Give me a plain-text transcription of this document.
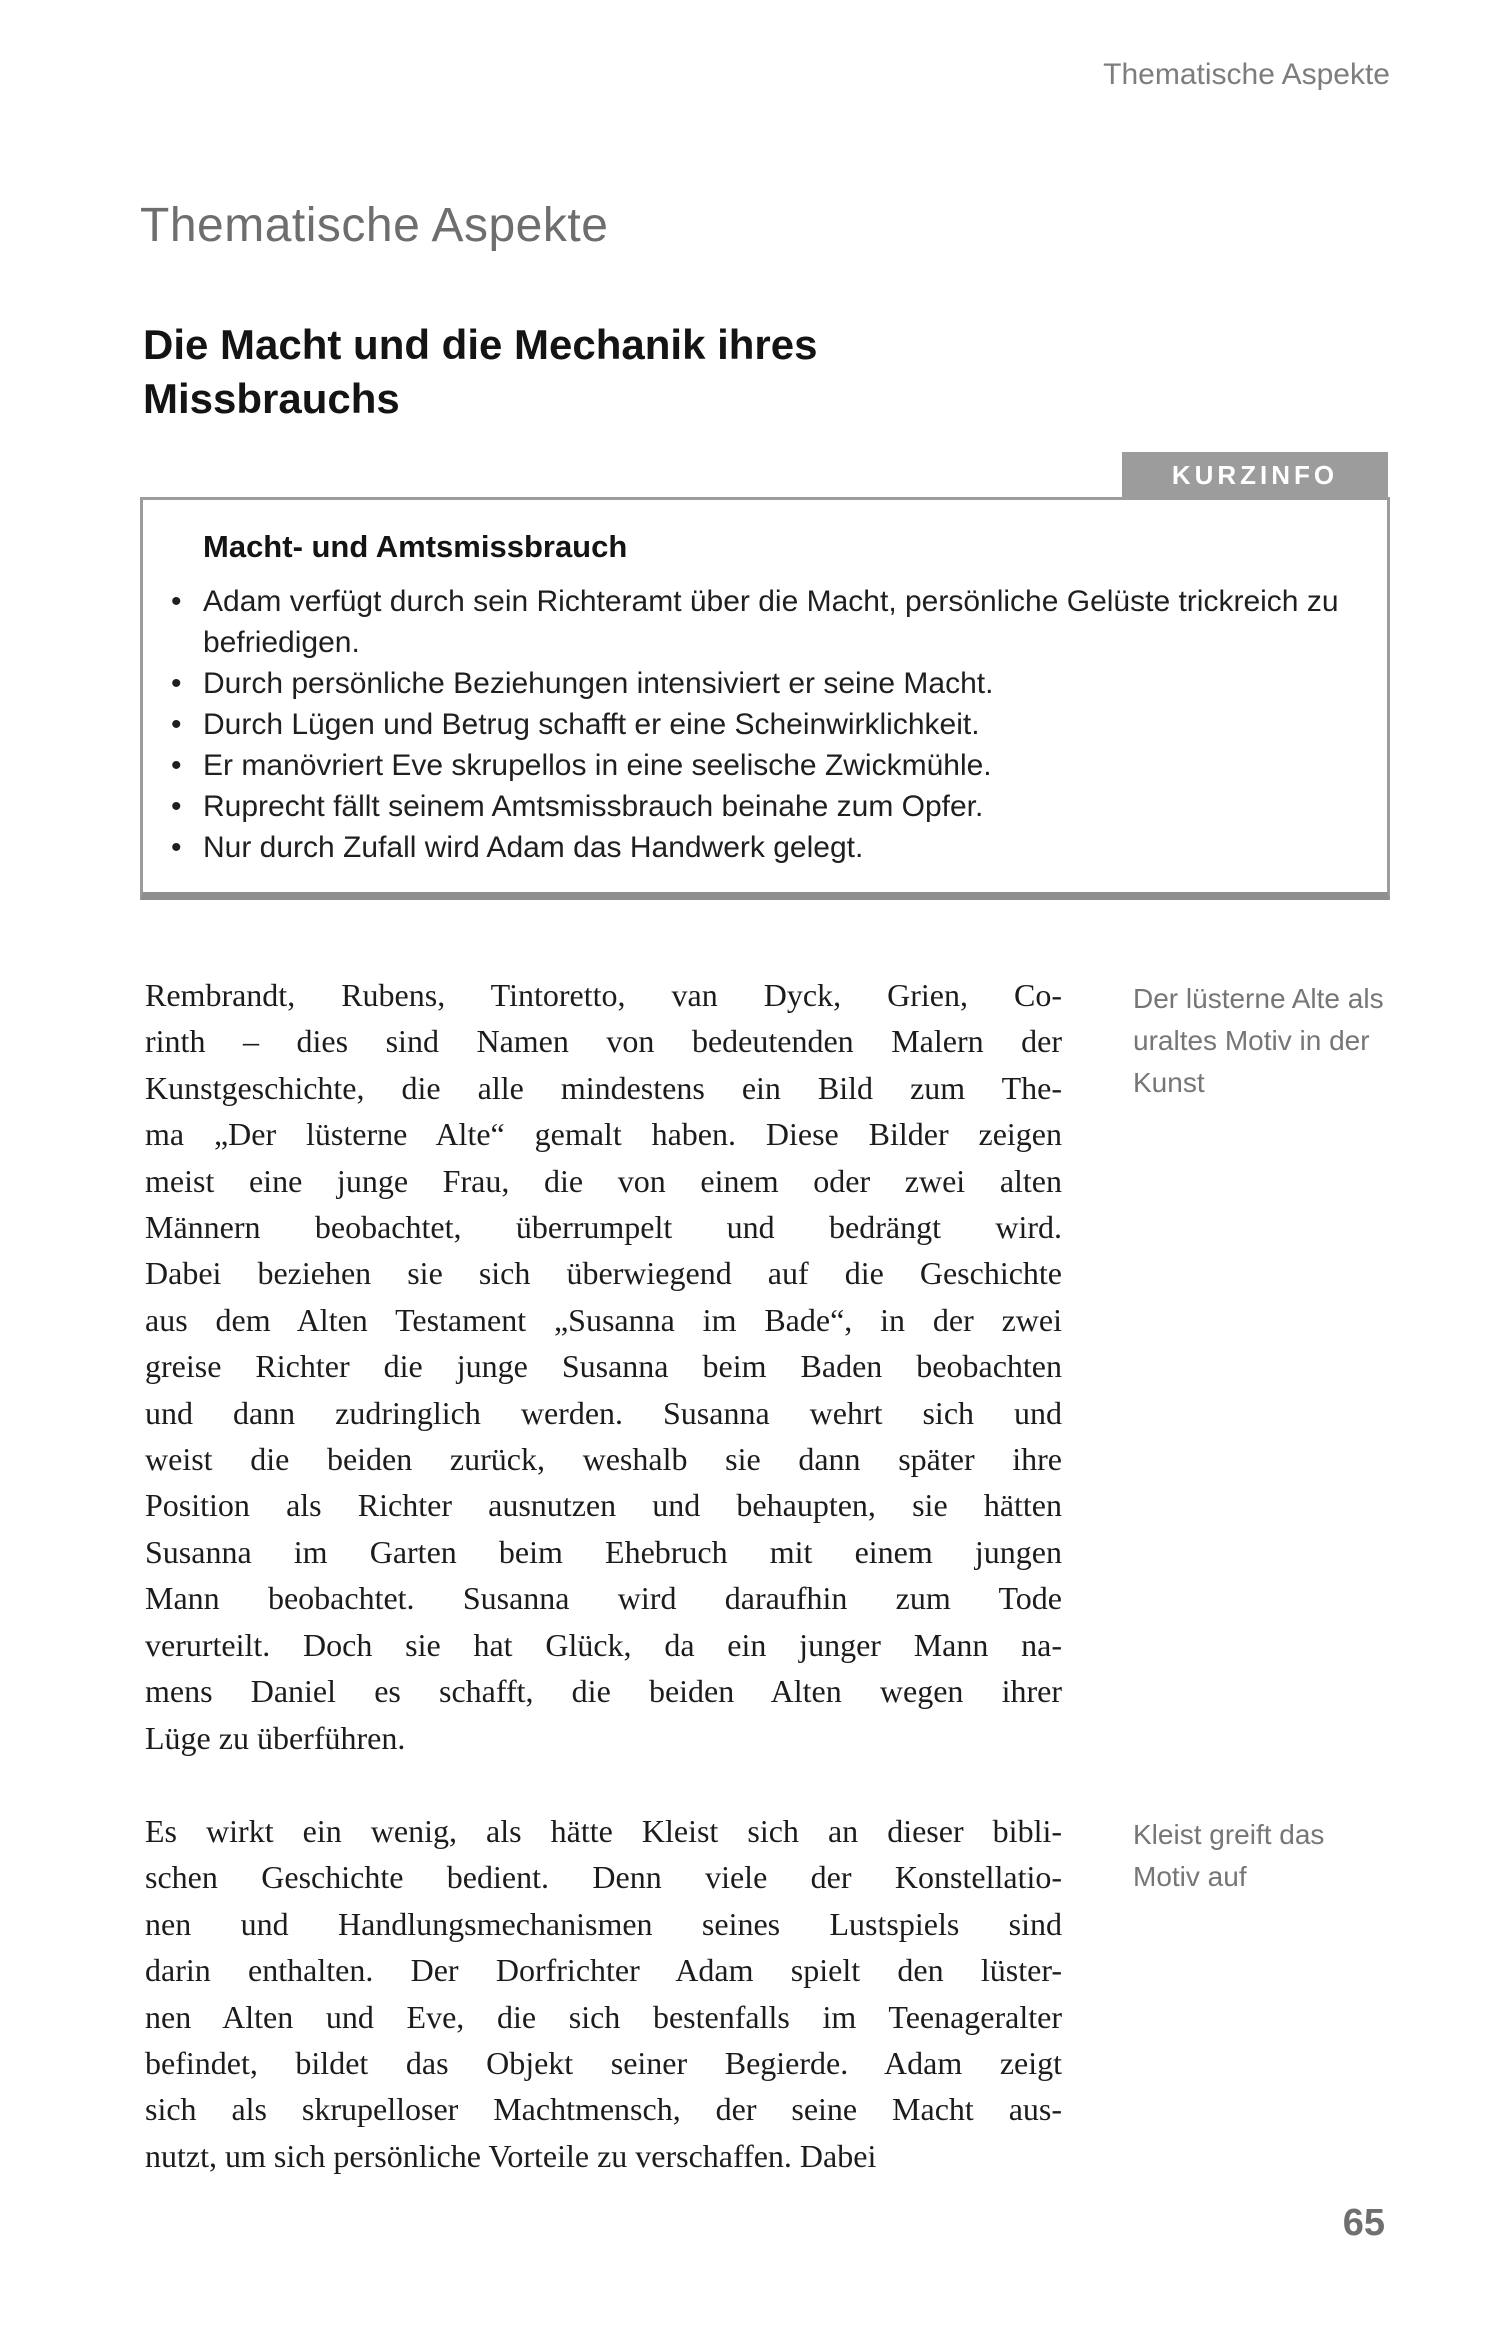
Thematische Aspekte
Thematische Aspekte
Die Macht und die Mechanik ihres Missbrauchs
KURZINFO
Macht- und Amtsmissbrauch
• Adam verfügt durch sein Richteramt über die Macht, persönliche Gelüste trickreich zu befriedigen.
• Durch persönliche Beziehungen intensiviert er seine Macht.
• Durch Lügen und Betrug schafft er eine Scheinwirklichkeit.
• Er manövriert Eve skrupellos in eine seelische Zwickmühle.
• Ruprecht fällt seinem Amtsmissbrauch beinahe zum Opfer.
• Nur durch Zufall wird Adam das Handwerk gelegt.
Rembrandt, Rubens, Tintoretto, van Dyck, Grien, Co-
rinth – dies sind Namen von bedeutenden Malern der
Kunstgeschichte, die alle mindestens ein Bild zum The-
ma „Der lüsterne Alte“ gemalt haben. Diese Bilder zeigen
meist eine junge Frau, die von einem oder zwei alten
Männern beobachtet, überrumpelt und bedrängt wird.
Dabei beziehen sie sich überwiegend auf die Geschichte
aus dem Alten Testament „Susanna im Bade“, in der zwei
greise Richter die junge Susanna beim Baden beobachten
und dann zudringlich werden. Susanna wehrt sich und
weist die beiden zurück, weshalb sie dann später ihre
Position als Richter ausnutzen und behaupten, sie hätten
Susanna im Garten beim Ehebruch mit einem jungen
Mann beobachtet. Susanna wird daraufhin zum Tode
verurteilt. Doch sie hat Glück, da ein junger Mann na-
mens Daniel es schafft, die beiden Alten wegen ihrer
Lüge zu überführen.
Der lüsterne Alte als uraltes Motiv in der Kunst
Es wirkt ein wenig, als hätte Kleist sich an dieser bibli-
schen Geschichte bedient. Denn viele der Konstellatio-
nen und Handlungsmechanismen seines Lustspiels sind
darin enthalten. Der Dorfrichter Adam spielt den lüster-
nen Alten und Eve, die sich bestenfalls im Teenageralter
befindet, bildet das Objekt seiner Begierde. Adam zeigt
sich als skrupelloser Machtmensch, der seine Macht aus-
nutzt, um sich persönliche Vorteile zu verschaffen. Dabei
Kleist greift das Motiv auf
65
